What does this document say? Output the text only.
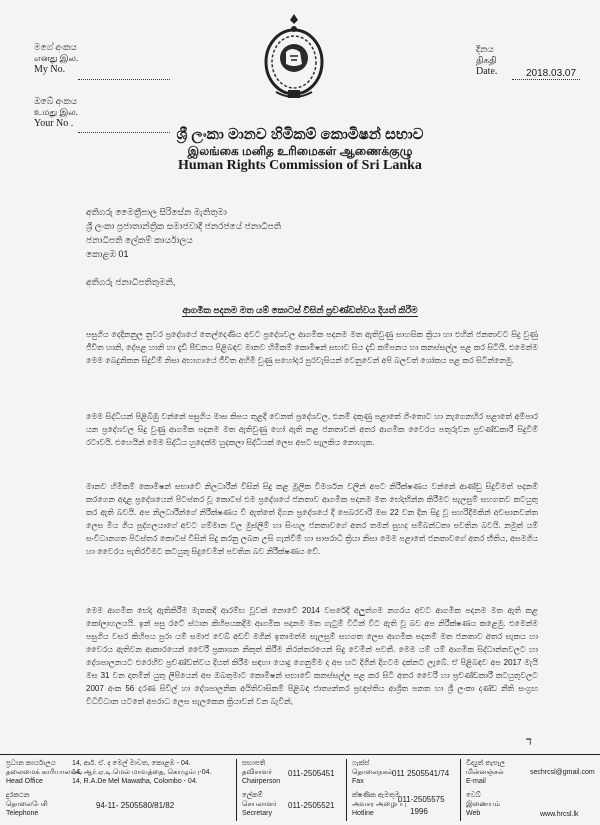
මගේ අංකය
எனது இல.
My No.
ඔබේ අංකය
உமது இல.
Your No .
දිනය
திகதி
Date.	2018.03.07
ශ්‍රී ලංකා මානව හිමිකම් කොමිෂන් සභාව
இலங்கை மனித உரிமைகள் ஆணைக்குழு
Human Rights Commission of Sri Lanka
අතිගරු මෛත්‍රීපාල සිරිසේන මැතිතුමා
ශ්‍රී ලංකා ප්‍රජාතාන්ත්‍රික සමාජවාදී ජනරජයේ ජනාධිපති
ජනාධිපති ලේකම් කාර්යාලය
කොළඹ 01
අතිගරු ජනාධිපතිතුමනි,
ආගමික පදනම මත යම් කොටස් විසින් ප්‍රචණ්ඩත්වය දියත් කිරීම
පසුගිය දෙදිනනුල නුවර ප්‍රදේශයේ තෙල්දෙණිය අවට ප්‍රදේශවල ආගමික පදනම මත ඇතිවුණු සාහසික ක්‍රියා හා එහින් ජනතාවට සිදු වුණු ජීවිත හානි, දේපළ හානි හා දැඩි පීඩනය පිළිබඳව මානව හිමිකම් කොමිෂන් සභාව සිය දැඩි කම්පනය හා කනස්සල්ල පළ කර සිටියි. එමෙන්ම මෙම බෙදුනිකන සිදුවීම් නිසා අභාග්‍යයේ ජීවිත අහිමි වුණු සහෝදර පුරවැසියන් වෙනුවෙන් අපි බලවත් ශෝකය පළ කර සිටින්නෙමු.
මෙම සිද්ධියන් පිළිබිඹු වන්නේ පසුගිය මාස කිපය තුළදී වෙනත් ප්‍රදේශවල, එනම් දකුණු පළාතේ ගිංතොට හා නැගෙනහිර පළාතේ අම්පාර යන ප්‍රදේශවල සිදු වුණු ආගමික පදනම මත ඇතිවුණු හෝ ඇති කළ ජනතාවන් අතර ආගමික වෛරය පතුරුවන ප්‍රචණ්ඩකාරී සිදුවීම් රටාවයි. එහෙයින් මෙම සිද්ධිය හුදෙක්ම හුදකලා සිද්ධියක් ලෙස අපට සැලකිය නොහැක.
මානව හිමිකම් කොමිෂන් සභාවේ නිලධාරීන් විසින් සිදු කළ මූලික විමර්ශන වලින් අපට නිරීක්ෂණය වන්නේ ආණ්ඩු සිදුවීමත් පදනම් කරගෙන අදාළ ප්‍රදේශයෙන් පිටස්තර වූ කොටස් එම ප්‍රදේශයේ ජනතාව ආගමික පදනම මත භේදභින්න කිරීමට සැලසුම් සහගතව කටයුතු කර ඇති බවයි. අප නිලධාරීන්ගේ නිරීක්ෂණය වී ඇත්තේ දිගන ප්‍රදේශයේ දී පෙබරවාරි මස 22 වන දින සිදු වූ සහරිදීමකින් අවසානවන්ත ලෙස මිය ගිය පුද්ගලයාගේ අවට ගම්මාන වල මුස්ලිම් හා සිංහල ජනතාවගේ අතර තමන් සුහද සම්බන්ධතා පවතින බවයි. නමුත් යම් සංවිධානගත පිටස්තර කොටස් විසින් සිදු කරනු ලබන උසි ගැන්වීම් හා සාපරාධී ක්‍රියා නිසා මෙම පළාතේ ජනතාවගේ අතර භීතිය, අසමගිය හා වෛරය පැතිරවීමට කටයුතු සිදුවෙමින් පවතින බව නිරීක්ෂණය වේ.
මෙම ආගමික භේද ඇතිකිරීම මැතකදී ආරම්භ වූවක් නොවේ 2014 වසරේදී අලුත්ගම නගරය අවට ආගමික පදනම මත ඇති කළ කෝලාහලයයි. ඉන් පසු රටේ ස්ථාන කිහිපයකදීම ආගමික පදනම මත ගැටුම් විටින් විට ඇති වූ බව අප නිරීක්ෂණය කළෙමු. එමෙන්ම පසුගිය වසර කිහිපය පුරා යම් සමාජ වෙබ් අඩවි මගින් ඉතාමත්ම සැලසුම් සහගත ලෙස ආගමික පදනම් මත ජනතාව අතර සැකය හා වෛරය ඇතිවන ආකාරයෙන් වෛරී ප්‍රකාශන නිකුත් කිරීම නිරන්තරයෙන් සිදු වෙමින් පවතී. මෙම යම් යම් ආගමික සිද්ධාන්තවලට හා දේශපාලනයට එරෙහිව ප්‍රචණ්ඩත්වය දියත් කිරීම සඳහා යොදු ගෙනුම්ම ද අප හට දිගින් දිගටම දක්නට ලැබේ. ඒ පිළිබඳව අප 2017 මැයි මස 31 වන දාතමින් යුතු ලිපියෙන් අප ඔබතුමාට කොමිෂන් සභාවේ කනස්සල්ල පළ කර සිටි අතර වෛරී හා ප්‍රචණ්ඩකාරී කටයුතුවලට 2007 අංක 56 දරණ සිවිල් හා දේශපාලනික අයිතිවාසිකම් පිළිබඳ ජාත්‍යන්තර ප්‍රඥප්තිය ආශ්‍රිත පනත හා ශ්‍රී ලංකා දණ්ඩ නීති සංග්‍රහ විධිවිධාන යටතේ අපරාධ ලෙස සැලකෙන ක්‍රියාවන් වන බැවින්,
ד
ප්‍රධාන කාර්යාලය
தலைமைக் காரியாலயம்
Head Office
14, ආර්. ඒ. ද මෙල් මාවත, කොළඹ - 04.
14, ஆர்.ஏ.டி.மெல் மாவத்தை, கொழும்பு-04.
14, R.A.De Mel Mawatha, Colombo - 04.
දුරකථන
தொலைபேசி
Telephone
94-11- 2505580/81/82
සභාපති
தவிசாளர்
Chairperson
011-2505451
ලේකම්
செயலாளர்
Secretary
011-2505521
ෆැක්ස්
தொலைநகல்
Fax
011 2505541/74
ක්ෂණික ඇමතුම
அவசர அழைப்பு
Hotline
011-2505575
1996
විද්‍යුත් තැපෑල
மின்னஞ்சல்
E-mail
sechrcsl@gmail.com
වෙබ්
இணையம்
Web	www.hrcsl.lk
